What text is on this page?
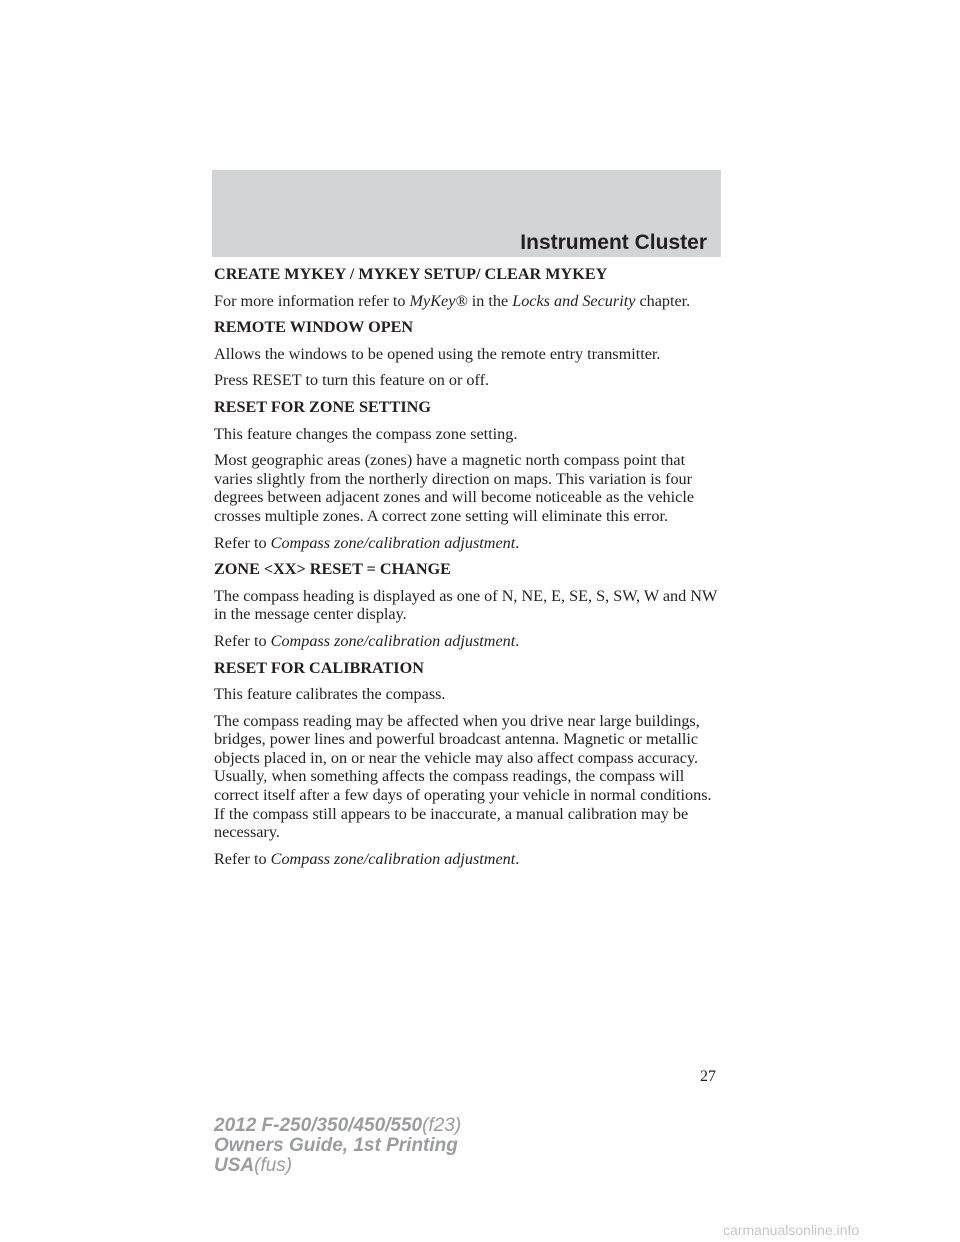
Instrument Cluster

CREATE MYKEY / MYKEY SETUP/ CLEAR MYKEY

For more information refer to MyKey® in the Locks and Security chapter.

REMOTE WINDOW OPEN

Allows the windows to be opened using the remote entry transmitter.

Press RESET to turn this feature on or off.

RESET FOR ZONE SETTING

This feature changes the compass zone setting.

Most geographic areas (zones) have a magnetic north compass point that varies slightly from the northerly direction on maps. This variation is four degrees between adjacent zones and will become noticeable as the vehicle crosses multiple zones. A correct zone setting will eliminate this error.

Refer to Compass zone/calibration adjustment.

ZONE <XX> RESET = CHANGE

The compass heading is displayed as one of N, NE, E, SE, S, SW, W and NW in the message center display.

Refer to Compass zone/calibration adjustment.

RESET FOR CALIBRATION

This feature calibrates the compass.

The compass reading may be affected when you drive near large buildings, bridges, power lines and powerful broadcast antenna. Magnetic or metallic objects placed in, on or near the vehicle may also affect compass accuracy. Usually, when something affects the compass readings, the compass will correct itself after a few days of operating your vehicle in normal conditions. If the compass still appears to be inaccurate, a manual calibration may be necessary.

Refer to Compass zone/calibration adjustment.

27
2012 F-250/350/450/550(f23)
Owners Guide, 1st Printing
USA(fus)
carmanualsonline.info
